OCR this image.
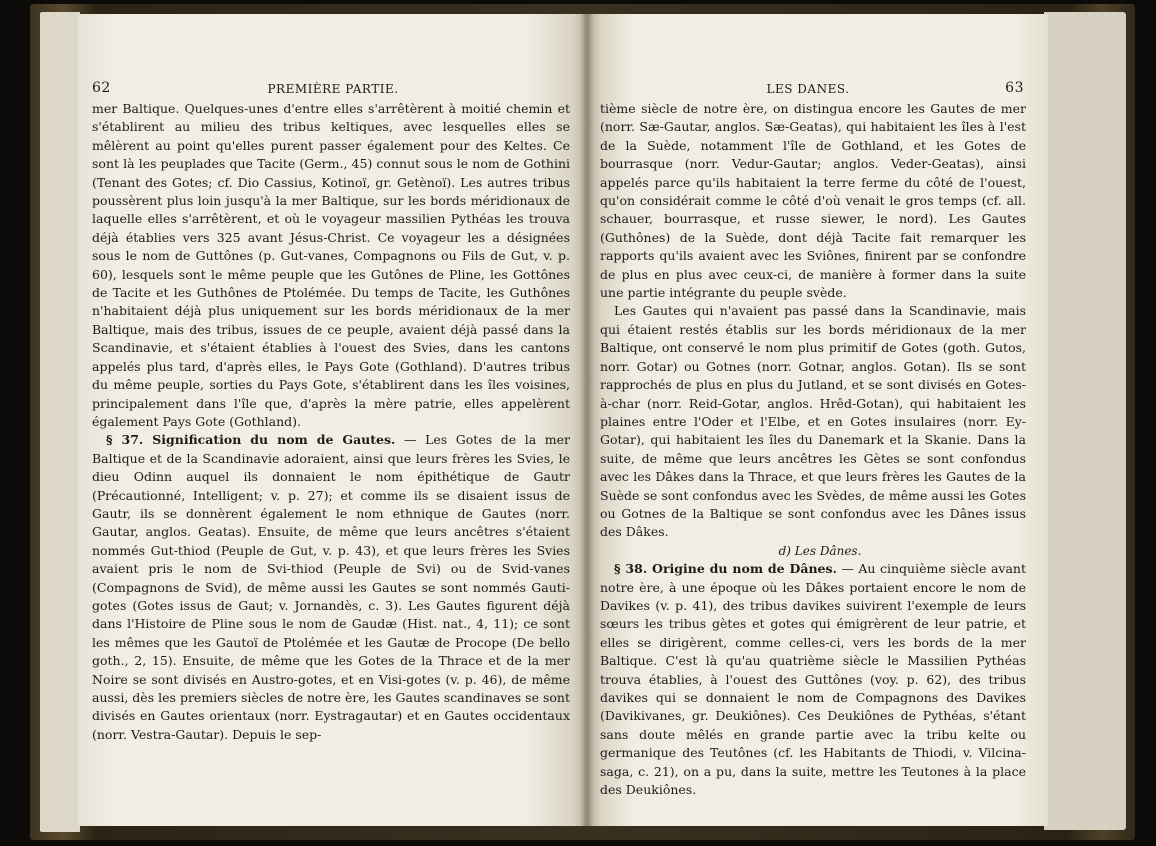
62	PREMIÈRE PARTIE.

mer Baltique. Quelques-unes d'entre elles s'arrêtèrent à moitié chemin et s'établirent au milieu des tribus keltiques, avec lesquelles elles se mêlèrent au point qu'elles purent passer également pour des Keltes. Ce sont là les peuplades que Tacite (Germ., 45) connut sous le nom de Gothini (Tenant des Gotes; cf. Dio Cassius, Kotinoï, gr. Getènoï). Les autres tribus poussèrent plus loin jusqu'à la mer Baltique, sur les bords méridionaux de laquelle elles s'arrêtèrent, et où le voyageur massilien Pythéas les trouva déjà établies vers 325 avant Jésus-Christ. Ce voyageur les a désignées sous le nom de Guttônes (p. Gut-vanes, Compagnons ou Fils de Gut, v. p. 60), lesquels sont le même peuple que les Gutônes de Pline, les Gottônes de Tacite et les Guthônes de Ptolémée. Du temps de Tacite, les Guthônes n'habitaient déjà plus uniquement sur les bords méridionaux de la mer Baltique, mais des tribus, issues de ce peuple, avaient déjà passé dans la Scandinavie, et s'étaient établies à l'ouest des Svies, dans les cantons appelés plus tard, d'après elles, le Pays Gote (Gothland). D'autres tribus du même peuple, sorties du Pays Gote, s'établirent dans les îles voisines, principalement dans l'île que, d'après la mère patrie, elles appelèrent également Pays Gote (Gothland).

§ 37. Signification du nom de Gautes. — Les Gotes de la mer Baltique et de la Scandinavie adoraient, ainsi que leurs frères les Svies, le dieu Odinn auquel ils donnaient le nom épithétique de Gautr (Précautionné, Intelligent; v. p. 27); et comme ils se disaient issus de Gautr, ils se donnèrent également le nom ethnique de Gautes (norr. Gautar, anglos. Geatas). Ensuite, de même que leurs ancêtres s'étaient nommés Gut-thiod (Peuple de Gut, v. p. 43), et que leurs frères les Svies avaient pris le nom de Svi-thiod (Peuple de Svi) ou de Svid-vanes (Compagnons de Svid), de même aussi les Gautes se sont nommés Gauti-gotes (Gotes issus de Gaut; v. Jornandès, c. 3). Les Gautes figurent déjà dans l'Histoire de Pline sous le nom de Gaudæ (Hist. nat., 4, 11); ce sont les mêmes que les Gautoï de Ptolémée et les Gautæ de Procope (De bello goth., 2, 15). Ensuite, de même que les Gotes de la Thrace et de la mer Noire se sont divisés en Austro-gotes, et en Visi-gotes (v. p. 46), de même aussi, dès les premiers siècles de notre ère, les Gautes scandinaves se sont divisés en Gautes orientaux (norr. Eystragautar) et en Gautes occidentaux (norr. Vestra-Gautar). Depuis le sep-

LES DANES.	63

tième siècle de notre ère, on distingua encore les Gautes de mer (norr. Sæ-Gautar, anglos. Sæ-Geatas), qui habitaient les îles à l'est de la Suède, notamment l'île de Gothland, et les Gotes de bourrasque (norr. Vedur-Gautar; anglos. Veder-Geatas), ainsi appelés parce qu'ils habitaient la terre ferme du côté de l'ouest, qu'on considérait comme le côté d'où venait le gros temps (cf. all. schauer, bourrasque, et russe siewer, le nord). Les Gautes (Guthônes) de la Suède, dont déjà Tacite fait remarquer les rapports qu'ils avaient avec les Sviônes, finirent par se confondre de plus en plus avec ceux-ci, de manière à former dans la suite une partie intégrante du peuple svède.

Les Gautes qui n'avaient pas passé dans la Scandinavie, mais qui étaient restés établis sur les bords méridionaux de la mer Baltique, ont conservé le nom plus primitif de Gotes (goth. Gutos, norr. Gotar) ou Gotnes (norr. Gotnar, anglos. Gotan). Ils se sont rapprochés de plus en plus du Jutland, et se sont divisés en Gotes-à-char (norr. Reid-Gotar, anglos. Hrêd-Gotan), qui habitaient les plaines entre l'Oder et l'Elbe, et en Gotes insulaires (norr. Ey-Gotar), qui habitaient les îles du Danemark et la Skanie. Dans la suite, de même que leurs ancêtres les Gètes se sont confondus avec les Dâkes dans la Thrace, et que leurs frères les Gautes de la Suède se sont confondus avec les Svèdes, de même aussi les Gotes ou Gotnes de la Baltique se sont confondus avec les Dânes issus des Dâkes.

d) Les Dânes.

§ 38. Origine du nom de Dânes. — Au cinquième siècle avant notre ère, à une époque où les Dâkes portaient encore le nom de Davikes (v. p. 41), des tribus davikes suivirent l'exemple de leurs sœurs les tribus gètes et gotes qui émigrèrent de leur patrie, et elles se dirigèrent, comme celles-ci, vers les bords de la mer Baltique. C'est là qu'au quatrième siècle le Massilien Pythéas trouva établies, à l'ouest des Guttônes (voy. p. 62), des tribus davikes qui se donnaient le nom de Compagnons des Davikes (Davikivanes, gr. Deukiônes). Ces Deukiônes de Pythéas, s'étant sans doute mêlés en grande partie avec la tribu kelte ou germanique des Teutônes (cf. les Habitants de Thiodi, v. Vilcina-saga, c. 21), on a pu, dans la suite, mettre les Teutones à la place des Deukiônes.
